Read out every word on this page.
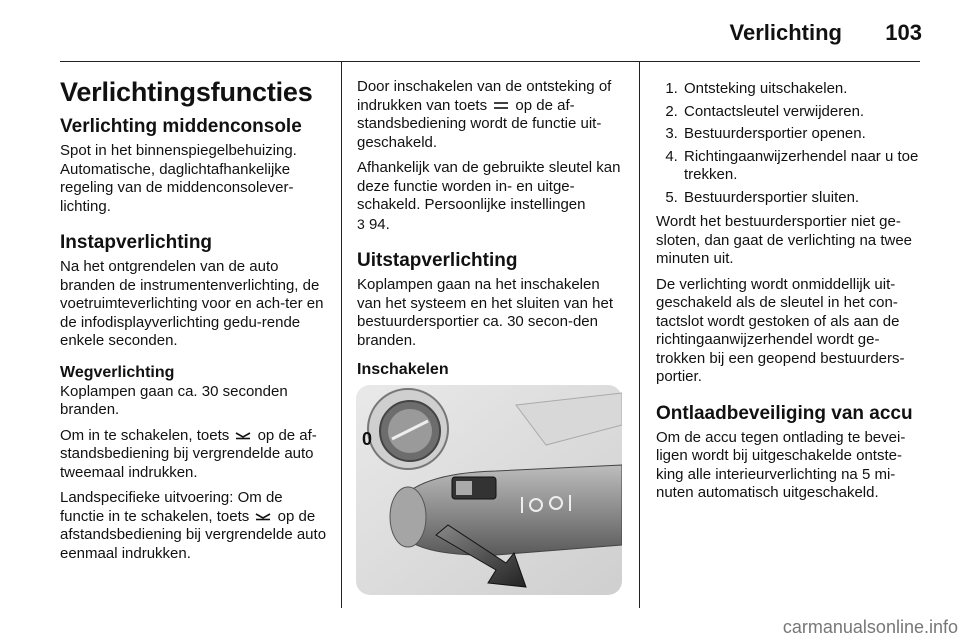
Verlichting 103
Verlichtingsfuncties
Verlichting middenconsole

Spot in het binnenspiegelbehuizing. Automatische, daglichtafhankelijke regeling van de middenconsolever-lichting.

Instapverlichting

Na het ontgrendelen van de auto branden de instrumentenverlichting, de voetruimteverlichting voor en ach-ter en de infodisplayverlichting gedu-rende enkele seconden.

Wegverlichting

Koplampen gaan ca. 30 seconden branden.

Om in te schakelen, toets op de af-standsbediening bij vergrendelde auto tweemaal indrukken.

Landspecifieke uitvoering: Om de functie in te schakelen, toets op de afstandsbediening bij vergrendelde auto eenmaal indrukken.

Door inschakelen van de ontsteking of indrukken van toets op de af-standsbediening wordt de functie uit-geschakeld.

Afhankelijk van de gebruikte sleutel kan deze functie worden in- en uitge-schakeld. Persoonlijke instellingen
3 94.

Uitstapverlichting

Koplampen gaan na het inschakelen van het systeem en het sluiten van het bestuurdersportier ca. 30 secon-den branden.

Inschakelen
0
1. Ontsteking uitschakelen.
2. Contactsleutel verwijderen.
3. Bestuurdersportier openen.
4. Richtingaanwijzerhendel naar u toe trekken.
5. Bestuurdersportier sluiten.

Wordt het bestuurdersportier niet ge-sloten, dan gaat de verlichting na twee minuten uit.

De verlichting wordt onmiddellijk uit-geschakeld als de sleutel in het con-tactslot wordt gestoken of als aan de richtingaanwijzerhendel wordt ge-trokken bij een geopend bestuurders-portier.

Ontlaadbeveiliging van accu

Om de accu tegen ontlading te bevei-ligen wordt bij uitgeschakelde ontste-king alle interieurverlichting na 5 mi-nuten automatisch uitgeschakeld.

carmanualsonline.info
